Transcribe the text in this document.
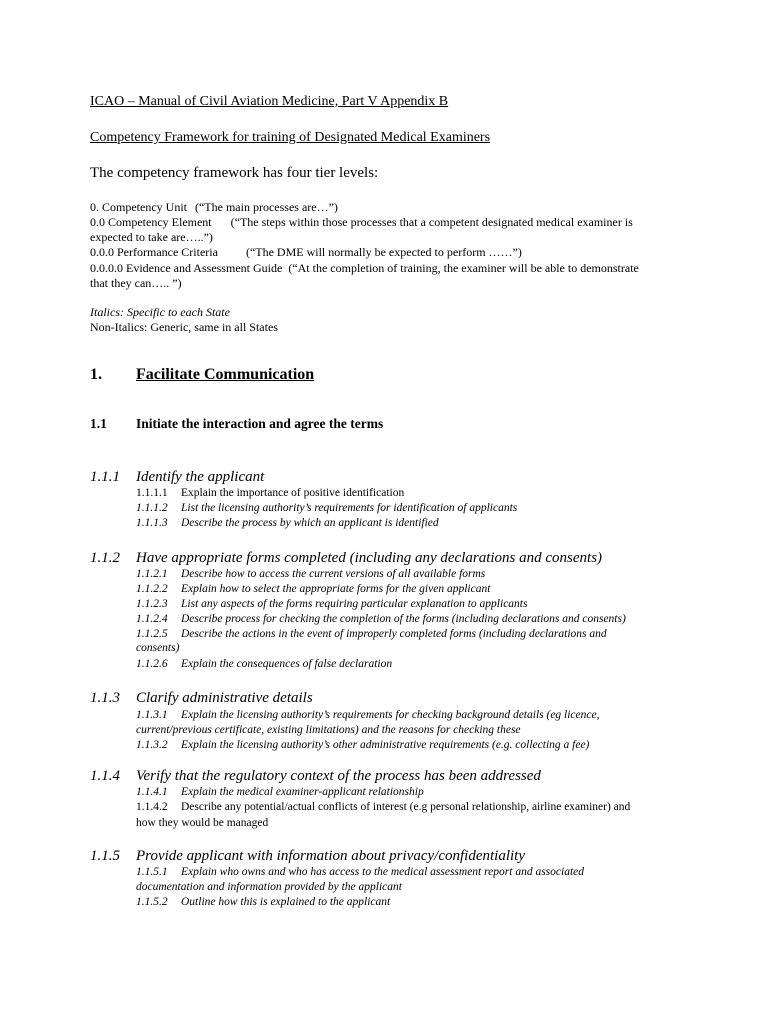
ICAO – Manual of Civil Aviation Medicine, Part V Appendix B
Competency Framework for training of Designated Medical Examiners
The competency framework has four tier levels:
0. Competency Unit (“The main processes are…”)
0.0 Competency Element (“The steps within those processes that a competent designated medical examiner is
expected to take are…..”)
0.0.0 Performance Criteria (“The DME will normally be expected to perform ……”)
0.0.0.0 Evidence and Assessment Guide (“At the completion of training, the examiner will be able to demonstrate
that they can….. ”)
Italics: Specific to each State
Non-Italics: Generic, same in all States
1. Facilitate Communication
1.1 Initiate the interaction and agree the terms
1.1.1 Identify the applicant
1.1.1.1 Explain the importance of positive identification
1.1.1.2 List the licensing authority’s requirements for identification of applicants
1.1.1.3 Describe the process by which an applicant is identified
1.1.2 Have appropriate forms completed (including any declarations and consents)
1.1.2.1 Describe how to access the current versions of all available forms
1.1.2.2 Explain how to select the appropriate forms for the given applicant
1.1.2.3 List any aspects of the forms requiring particular explanation to applicants
1.1.2.4 Describe process for checking the completion of the forms (including declarations and consents)
1.1.2.5 Describe the actions in the event of improperly completed forms (including declarations and
consents)
1.1.2.6 Explain the consequences of false declaration
1.1.3 Clarify administrative details
1.1.3.1 Explain the licensing authority’s requirements for checking background details (eg licence,
current/previous certificate, existing limitations) and the reasons for checking these
1.1.3.2 Explain the licensing authority’s other administrative requirements (e.g. collecting a fee)
1.1.4 Verify that the regulatory context of the process has been addressed
1.1.4.1 Explain the medical examiner-applicant relationship
1.1.4.2 Describe any potential/actual conflicts of interest (e.g personal relationship, airline examiner) and
how they would be managed
1.1.5 Provide applicant with information about privacy/confidentiality
1.1.5.1 Explain who owns and who has access to the medical assessment report and associated
documentation and information provided by the applicant
1.1.5.2 Outline how this is explained to the applicant
